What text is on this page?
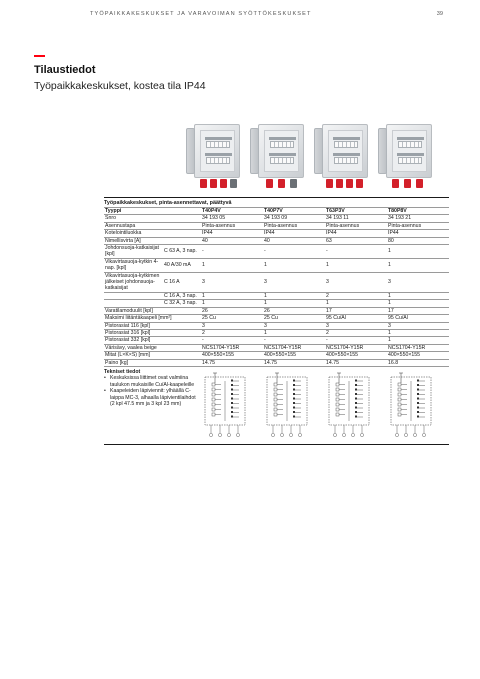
TYÖPAIKKAKESKUKSET JA VARAVOIMAN SYÖTTÖKESKUKSET	39
Tilaustiedot
Työpaikkakeskukset, kostea tila IP44
Työpaikkakeskukset, pinta-asennettavat, päättyvä
Tyyppi		T40P4V	T40P7V	T63P3V	T80P8V
Snro		34 193 05	34 193 09	34 193 11	34 193 21
Asennustapa		Pinta-asennus	Pinta-asennus	Pinta-asennus	Pinta-asennus
Kotelointiluokka		IP44	IP44	IP44	IP44
Nimellisvirta [A]		40	40	63	80
Johdonsuoja-katkaisijat [kpl]	C 63 A, 3 nap.	-	-	-	1
Vikavirtasuoja-kytkin 4-nap. [kpl]	40 A/30 mA	1	1	1	1
Vikavirtasuoja-kytkimen jälkeiset johdonsuoja-katkaisijat	C 16 A	3	3	3	3
	C 16 A, 3 nap.	1	1	2	1
	C 32 A, 3 nap.	1	1	1	1
Varatilamoduulit [kpl]		26	26	17	17
Maksimi liitäntäkaapeli [mm²]		25 Cu	25 Cu	95 Cu/Al	95 Cu/Al
Pistorasiat 116 [kpl]		3	3	3	3
Pistorasiat 316 [kpl]		2	1	2	1
Pistorasiat 332 [kpl]		-	-	-	1
Värisävy, vaalea beige		NCS1704-Y15R	NCS1704-Y15R	NCS1704-Y15R	NCS1704-Y15R
Mitat (L×K×S) [mm]		400×550×155	400×550×155	400×550×155	400×550×155
Paino [kg]		14.75	14.75	14.75	16.8
Tekniset tiedot
• Keskuksissa liittimet ovat valmiina taulukon mukaisille Cu/Al-kaapeleille
• Kaapeleiden läpiviennit: ylhäällä C-laippa MC-3, alhaalla läpivientilaihdot (2 kpl 47.5 mm ja 3 kpl 23 mm)
